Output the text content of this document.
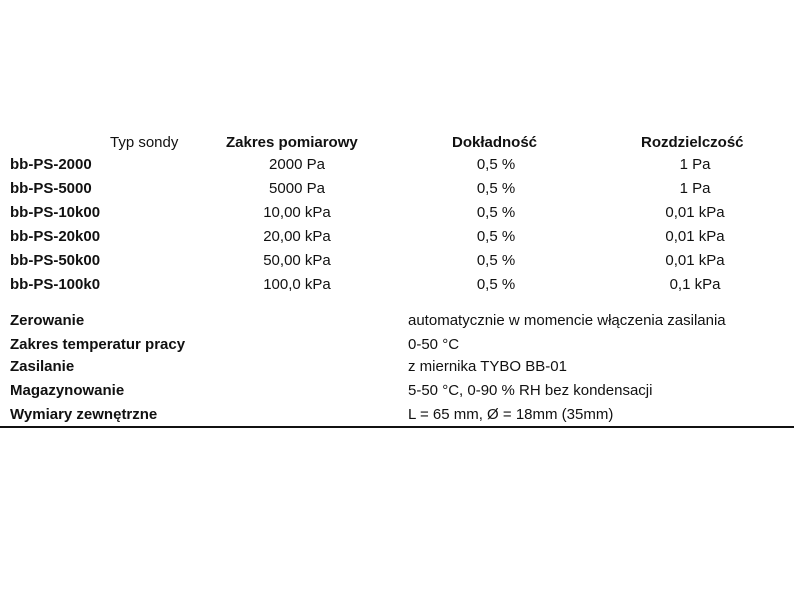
Typ sondy	Zakres pomiarowy	Dokładność	Rozdzielczość
bb-PS-2000	2000 Pa	0,5 %	1 Pa
bb-PS-5000	5000 Pa	0,5 %	1 Pa
bb-PS-10k00	10,00 kPa	0,5 %	0,01 kPa
bb-PS-20k00	20,00 kPa	0,5 %	0,01 kPa
bb-PS-50k00	50,00 kPa	0,5 %	0,01 kPa
bb-PS-100k0	100,0 kPa	0,5 %	0,1 kPa
Zerowanie	automatycznie w momencie włączenia zasilania
Zakres temperatur pracy	0-50 °C
Zasilanie	z miernika TYBO BB-01
Magazynowanie	5-50 °C, 0-90 % RH bez kondensacji
Wymiary zewnętrzne	L = 65 mm, Ø = 18mm (35mm)
